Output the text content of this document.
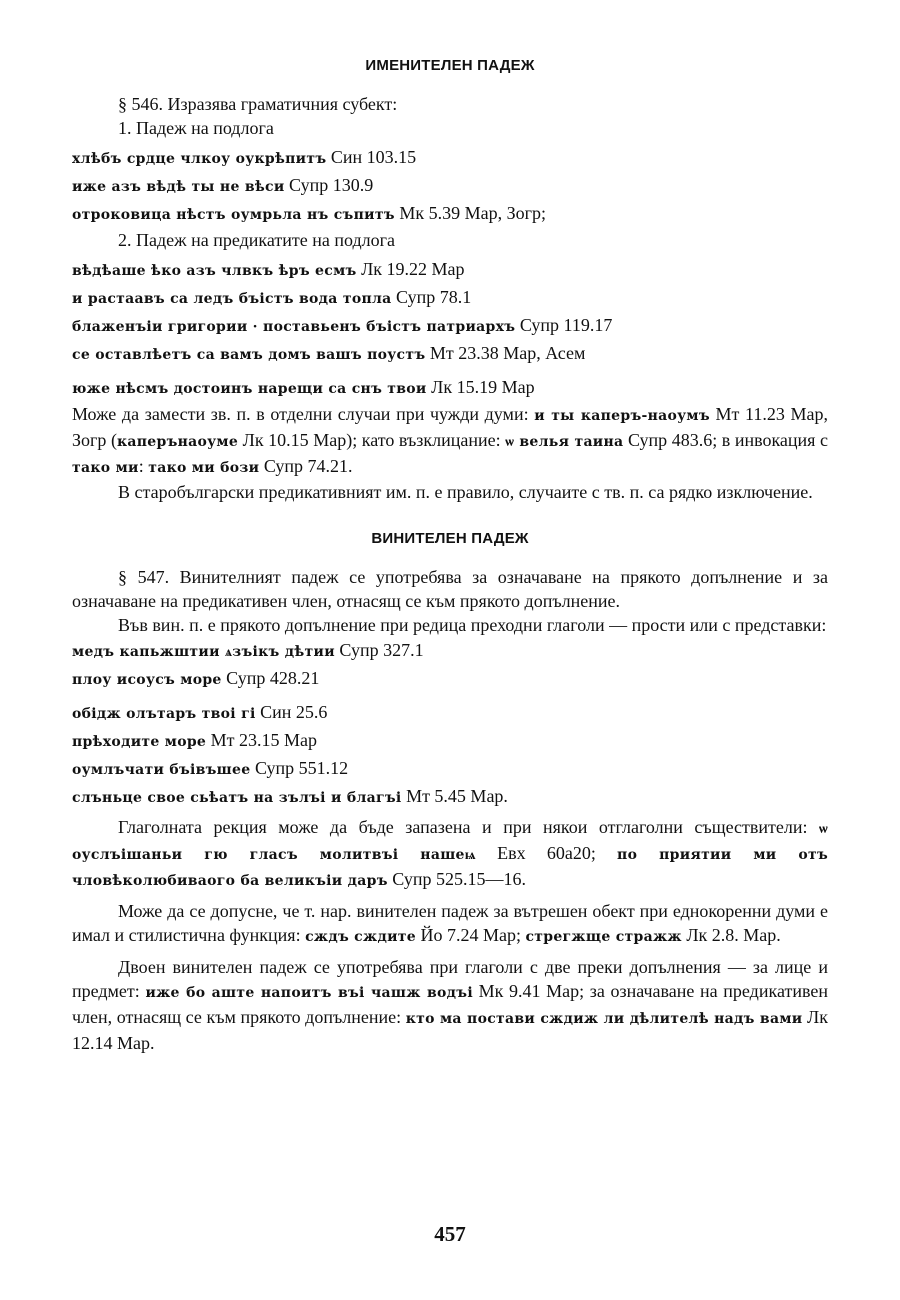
ИМЕНИТЕЛЕН ПАДЕЖ

§ 546. Изразява граматичния субект:

1. Падеж на подлога

хлѣбъ срдце члкоу оукрѣпитъ Син 103.15
иже азъ вѣдѣ ты не вѣси Супр 130.9
отроковица нѣстъ оумрьла нъ съпитъ Мк 5.39 Мар, Зогр;

2. Падеж на предикатите на подлога

вѣдѣаше ѣко азъ члвкъ ѣръ есмъ Лк 19.22 Мар
и растаавъ са ледъ бъістъ вода топла Супр 78.1
блаженъіи григории · поставьенъ бъістъ патриархъ Супр 119.17
се оставлѣетъ са вамъ домъ вашъ поустъ Мт 23.38 Мар, Асем
юже нѣсмъ достоинъ нарещи са снъ твои Лк 15.19 Мар

Може да замести зв. п. в отделни случаи при чужди думи: и ты каперъ-наоумъ Мт 11.23 Мар, Зогр (каперънаоуме Лк 10.15 Мар); като възклицание: ѡ велья таина Супр 483.6; в инвокация с тако ми: тако ми бози Супр 74.21.

В старобългарски предикативният им. п. е правило, случаите с тв. п. са рядко изключение.

ВИНИТЕЛЕН ПАДЕЖ

§ 547. Винителният падеж се употребява за означаване на прякото допълнение и за означаване на предикативен член, отнасящ се към прякото допълнение.

Във вин. п. е прякото допълнение при редица преходни глаголи — прости или с представки:

медъ капьжштии ѧзъікъ дѣтии Супр 327.1
плоу исоусъ море Супр 428.21
обідж олътаръ твоі гі Син 25.6
прѣходите море Мт 23.15 Мар
оумлъчати бъівъшее Супр 551.12
слъньце свое сьѣатъ на зълъі и благъі Мт 5.45 Мар.

Глаголната рекция може да бъде запазена и при някои отглаголни съществители: ѡ оуслъішаньи гю гласъ молитвъі нашеѩ Евх 60а20; по приятии ми отъ чловѣколюбиваого ба великъіи даръ Супр 525.15—16.

Може да се допусне, че т. нар. винителен падеж за вътрешен обект при еднокоренни думи е имал и стилистична функция: сждъ сждите Йо 7.24 Мар; стрегжще стражж Лк 2.8. Мар.

Двоен винителен падеж се употребява при глаголи с две преки допълнения — за лице и предмет: иже бо аште напоитъ въі чашж водъі Мк 9.41 Мар; за означаване на предикативен член, отнасящ се към прякото допълнение: кто ма постави сждиж ли дѣлителѣ надъ вами Лк 12.14 Мар.

457
